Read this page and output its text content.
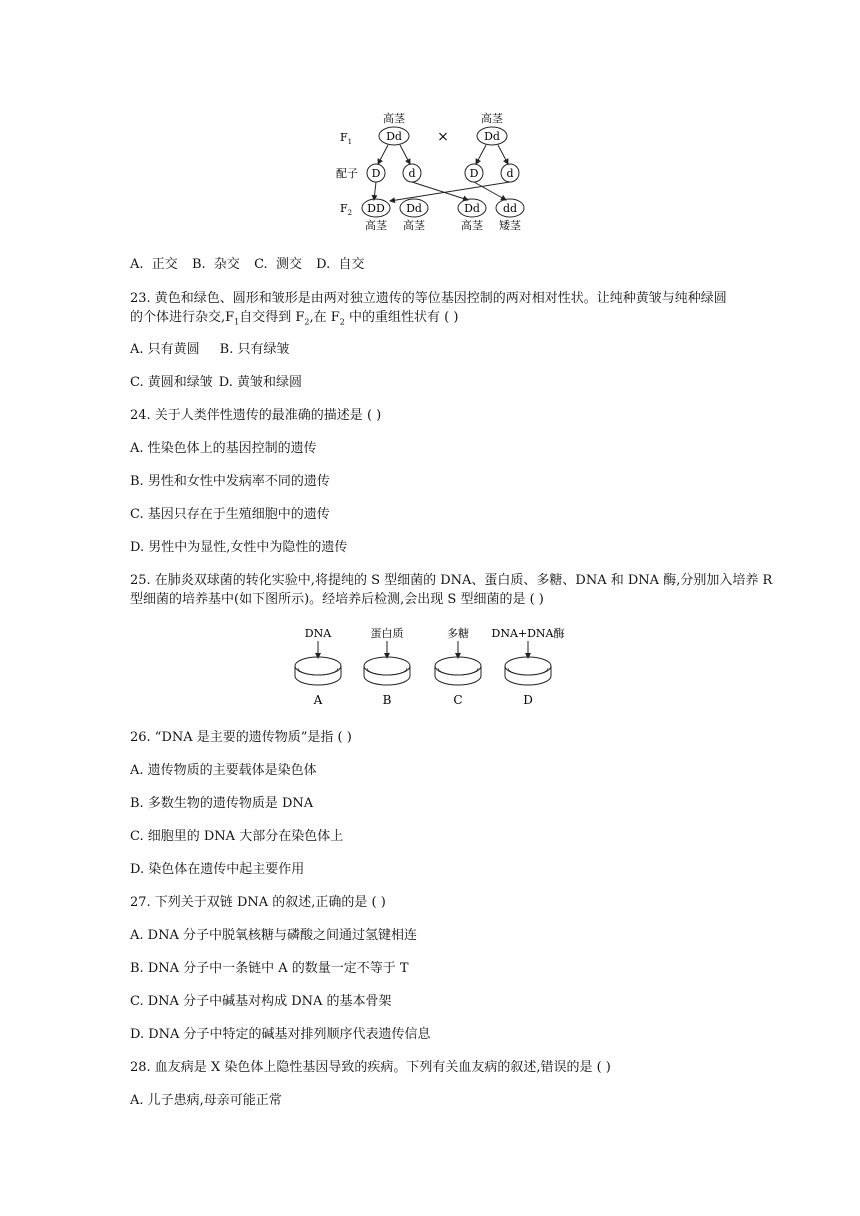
高茎	高茎
$F_1$	Dd	×	Dd
配子 D	d	D	d
$F_2$ DD Dd	Dd dd
高茎 高茎	高茎 矮茎
A. 正交 B. 杂交 C. 测交 D. 自交
23. 黄色和绿色、圆形和皱形是由两对独立遗传的等位基因控制的两对相对性状。让纯种黄皱与纯种绿圆
的个体进行杂交$,F_1$自交得到 $F_2$,在 $F_2$ 中的重组性状有 ( )
A. 只有黄圆 B. 只有绿皱
C. 黄圆和绿皱 D. 黄皱和绿圆
24. 关于人类伴性遗传的最准确的描述是 ( )
A. 性染色体上的基因控制的遗传
B. 男性和女性中发病率不同的遗传
C. 基因只存在于生殖细胞中的遗传
D. 男性中为显性,女性中为隐性的遗传
25. 在肺炎双球菌的转化实验中,将提纯的 S 型细菌的 DNA、蛋白质、多糖、DNA 和 DNA 酶,分别加入培养 R
型细菌的培养基中(如下图所示)。经培养后检测,会出现 S 型细菌的是 ( )
DNA
A
蛋白质
B
多糖
C
DNA+DNA酶
D
26. “DNA 是主要的遗传物质”是指 ( )
A. 遗传物质的主要载体是染色体
B. 多数生物的遗传物质是 DNA
C. 细胞里的 DNA 大部分在染色体上
D. 染色体在遗传中起主要作用
27. 下列关于双链 DNA 的叙述,正确的是 ( )
A. DNA 分子中脱氧核糖与磷酸之间通过氢键相连
B. DNA 分子中一条链中 A 的数量一定不等于 T
C. DNA 分子中碱基对构成 DNA 的基本骨架
D. DNA 分子中特定的碱基对排列顺序代表遗传信息
28. 血友病是 X 染色体上隐性基因导致的疾病。下列有关血友病的叙述,错误的是 ( )
A. 儿子患病,母亲可能正常
